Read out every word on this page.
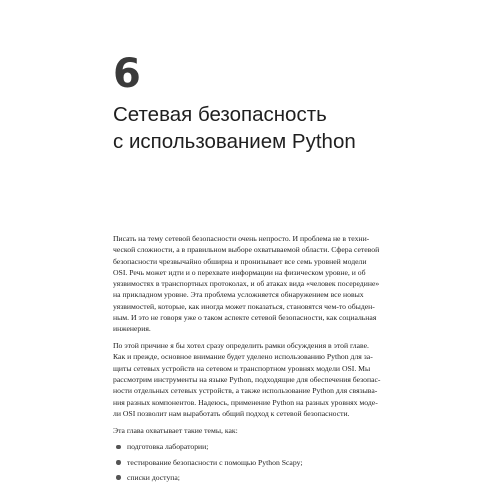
6
Сетевая безопасность
с использованием Python
Писать на тему сетевой безопасности очень непросто. И проблема не в техни-
ческой сложности, а в правильном выборе охватываемой области. Сфера сетевой
безопасности чрезвычайно обширна и пронизывает все семь уровней модели
OSI. Речь может идти и о перехвате информации на физическом уровне, и об
уязвимостях в транспортных протоколах, и об атаках вида «человек посередине»
на прикладном уровне. Эта проблема усложняется обнаружением все новых
уязвимостей, которые, как иногда может показаться, становятся чем-то обыден-
ным. И это не говоря уже о таком аспекте сетевой безопасности, как социальная
инженерия.
По этой причине я бы хотел сразу определить рамки обсуждения в этой главе.
Как и прежде, основное внимание будет уделено использованию Python для за-
щиты сетевых устройств на сетевом и транспортном уровнях модели OSI. Мы
рассмотрим инструменты на языке Python, подходящие для обеспечения безопас-
ности отдельных сетевых устройств, а также использование Python для связыва-
ния разных компонентов. Надеюсь, применение Python на разных уровнях моде-
ли OSI позволит нам выработать общий подход к сетевой безопасности.
Эта глава охватывает такие темы, как:
подготовка лаборатории;
тестирование безопасности с помощью Python Scapy;
списки доступа;
